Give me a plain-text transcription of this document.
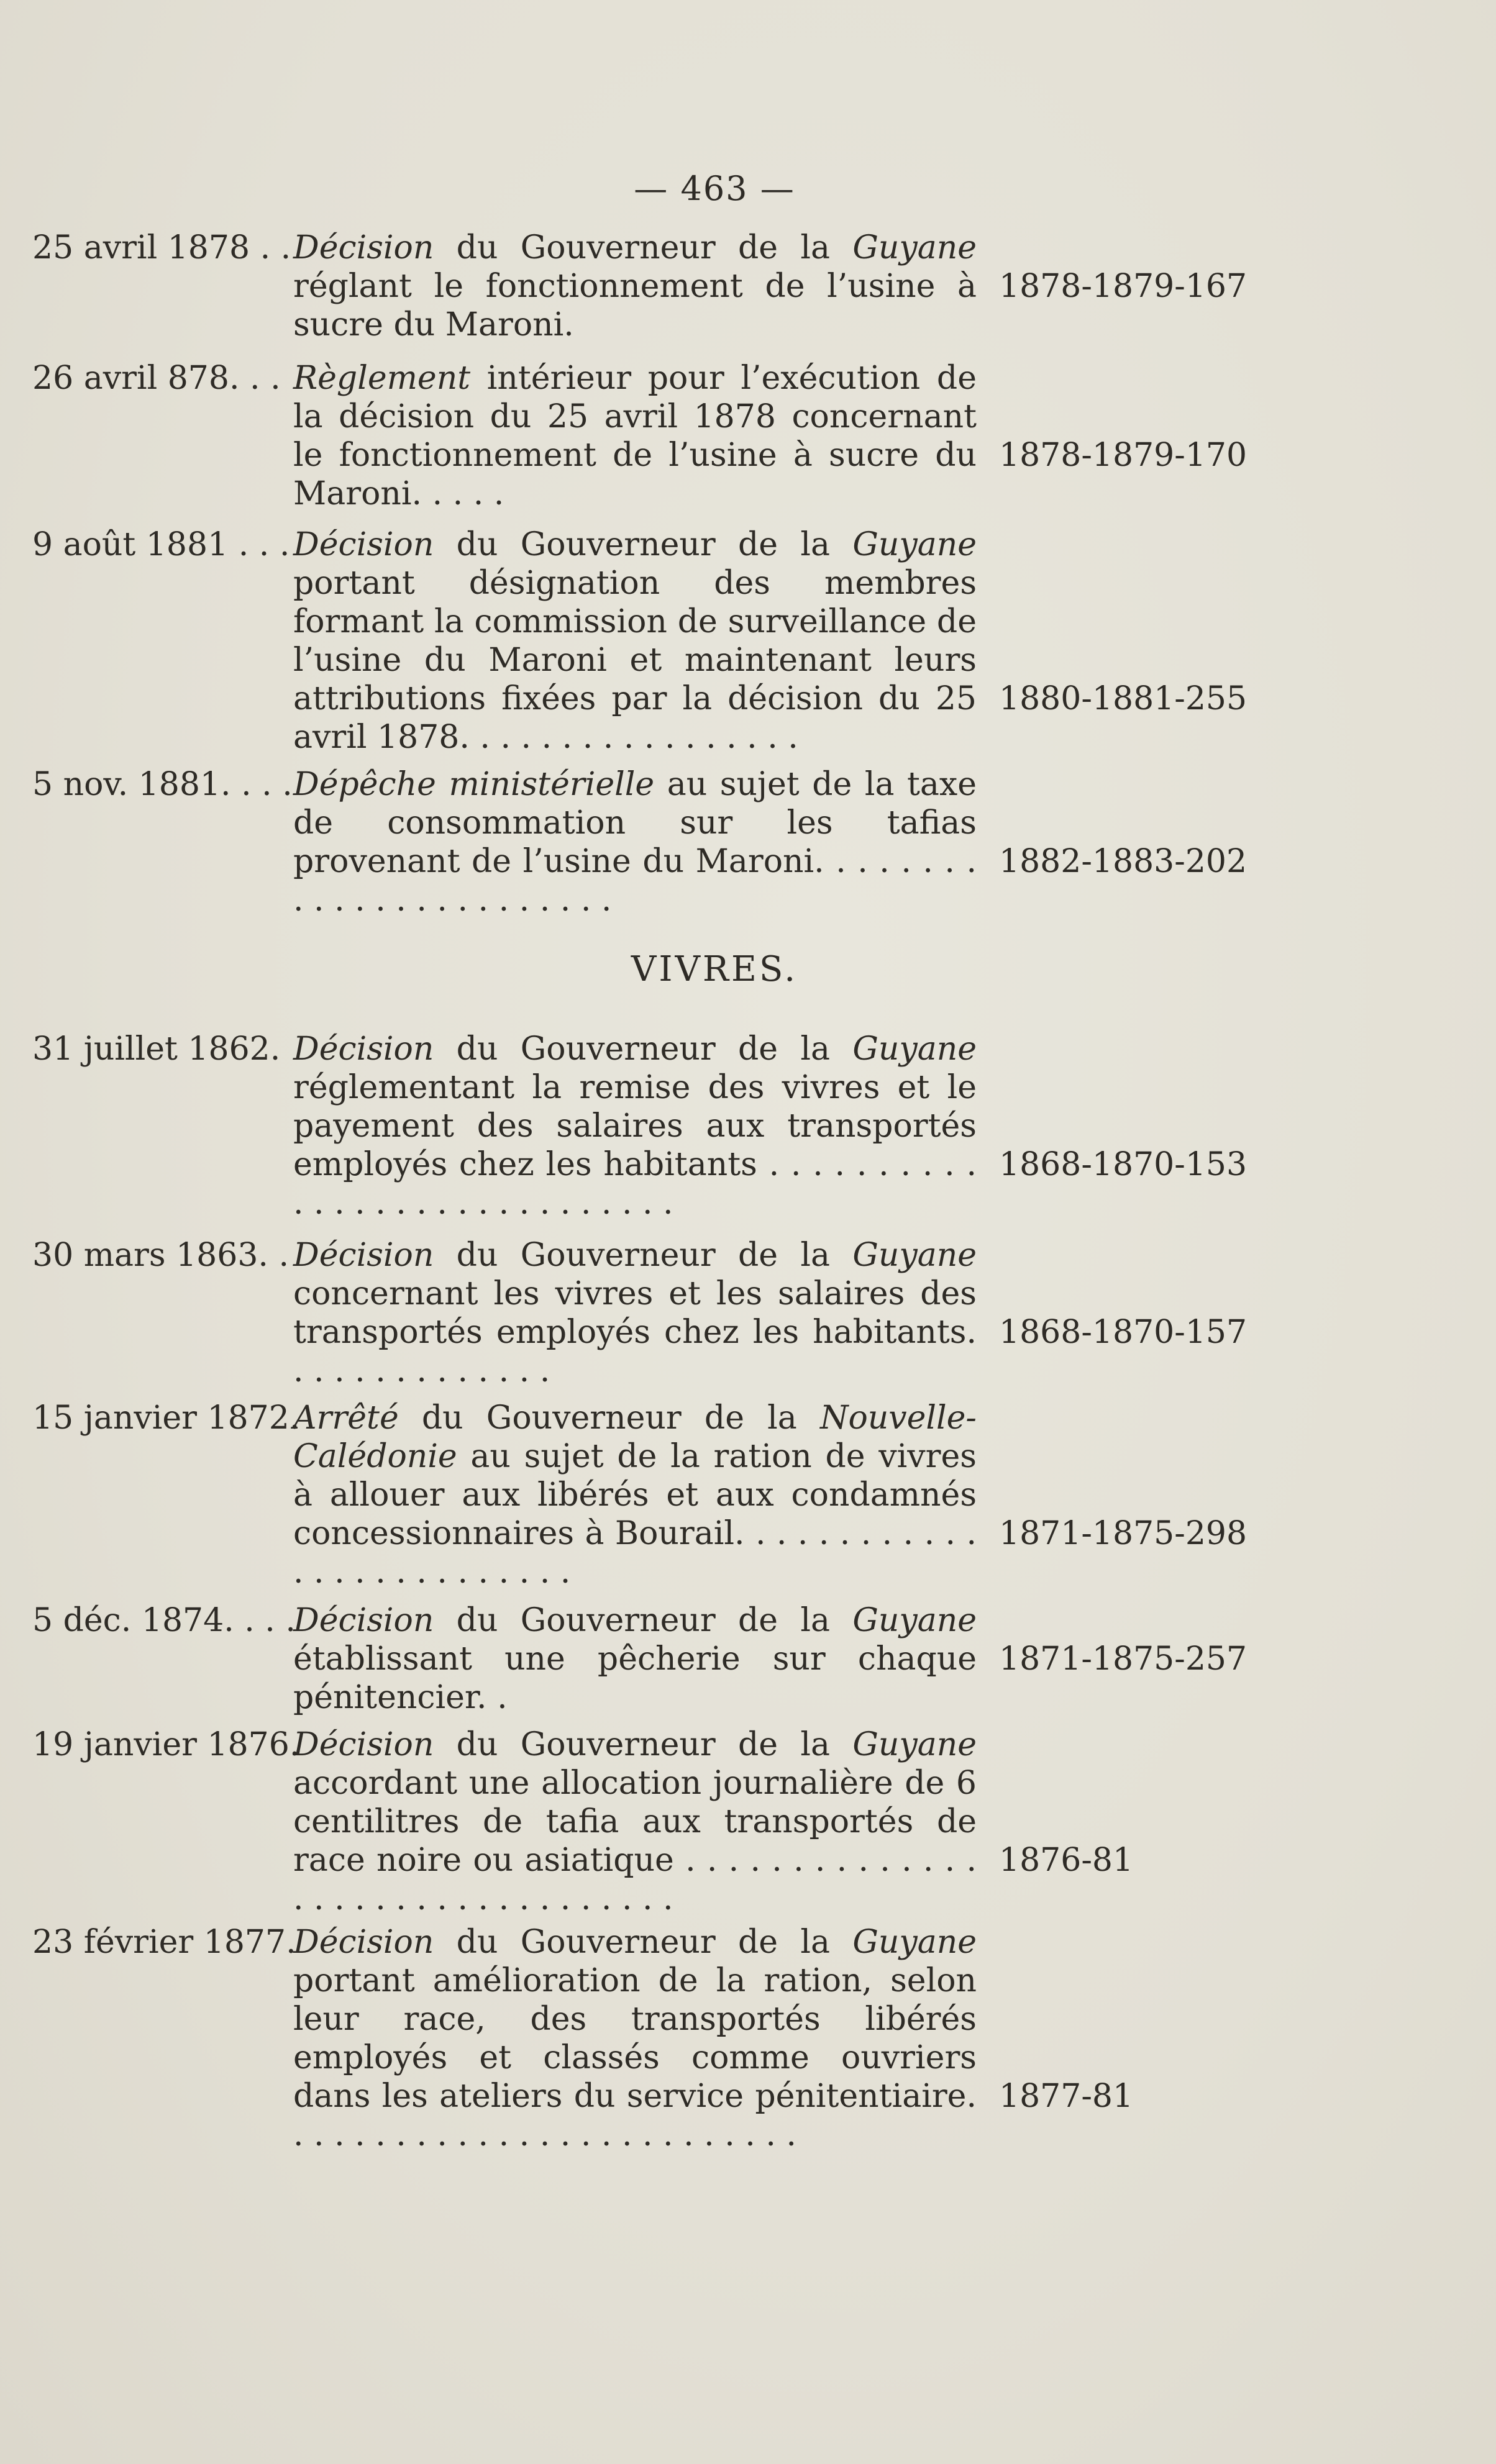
— 463 —
25 avril 1878 . . Décision du Gouverneur de la Guyane réglant le fonctionnement de l’usine à sucre du Maroni.
1878-1879-167
26 avril 878. . . Règlement intérieur pour l’exécution de la décision du 25 avril 1878 concernant le fonctionnement de l’usine à sucre du Maroni. . . . .
1878-1879-170
9 août 1881 . . . Décision du Gouverneur de la Guyane portant désignation des membres formant la commission de surveillance de l’usine du Maroni et maintenant leurs attributions fixées par la décision du 25 avril 1878. . . . . . . . . . . . . . . . .
1880-1881-255
5 nov. 1881. . . . Dépêche ministérielle au sujet de la taxe de consommation sur les tafias provenant de l’usine du Maroni. . . . . . . . . . . . . . . . . . . . . . . .
1882-1883-202
VIVRES.
31 juillet 1862. Décision du Gouverneur de la Guyane réglementant la remise des vivres et le payement des salaires aux transportés employés chez les habitants . . . . . . . . . . . . . . . . . . . . . . . . . . . . .
1868-1870-153
30 mars 1863. . Décision du Gouverneur de la Guyane concernant les vivres et les salaires des transportés employés chez les habitants. . . . . . . . . . . . . .
1868-1870-157
15 janvier 1872.
Arrêté du Gouverneur de la Nouvelle-Calédonie au sujet de la ration de vivres à allouer aux libérés et aux condamnés concessionnaires à Bourail. . . . . . . . . . . . . . . . . . . . . . . . . .
1871-1875-298
5 déc. 1874. . . .
Décision du Gouverneur de la Guyane établissant une pêcherie sur chaque pénitencier. .
1871-1875-257
19 janvier 1876.
Décision du Gouverneur de la Guyane accordant une allocation journalière de 6 centilitres de tafia aux transportés de race noire ou asiatique . . . . . . . . . . . . . . . . . . . . . . . . . . . . . . . . .
1876-81
23 février 1877.
Décision du Gouverneur de la Guyane portant amélioration de la ration, selon leur race, des transportés libérés employés et classés comme ouvriers dans les ateliers du service pénitentiaire. . . . . . . . . . . . . . . . . . . . . . . . . .
1877-81
